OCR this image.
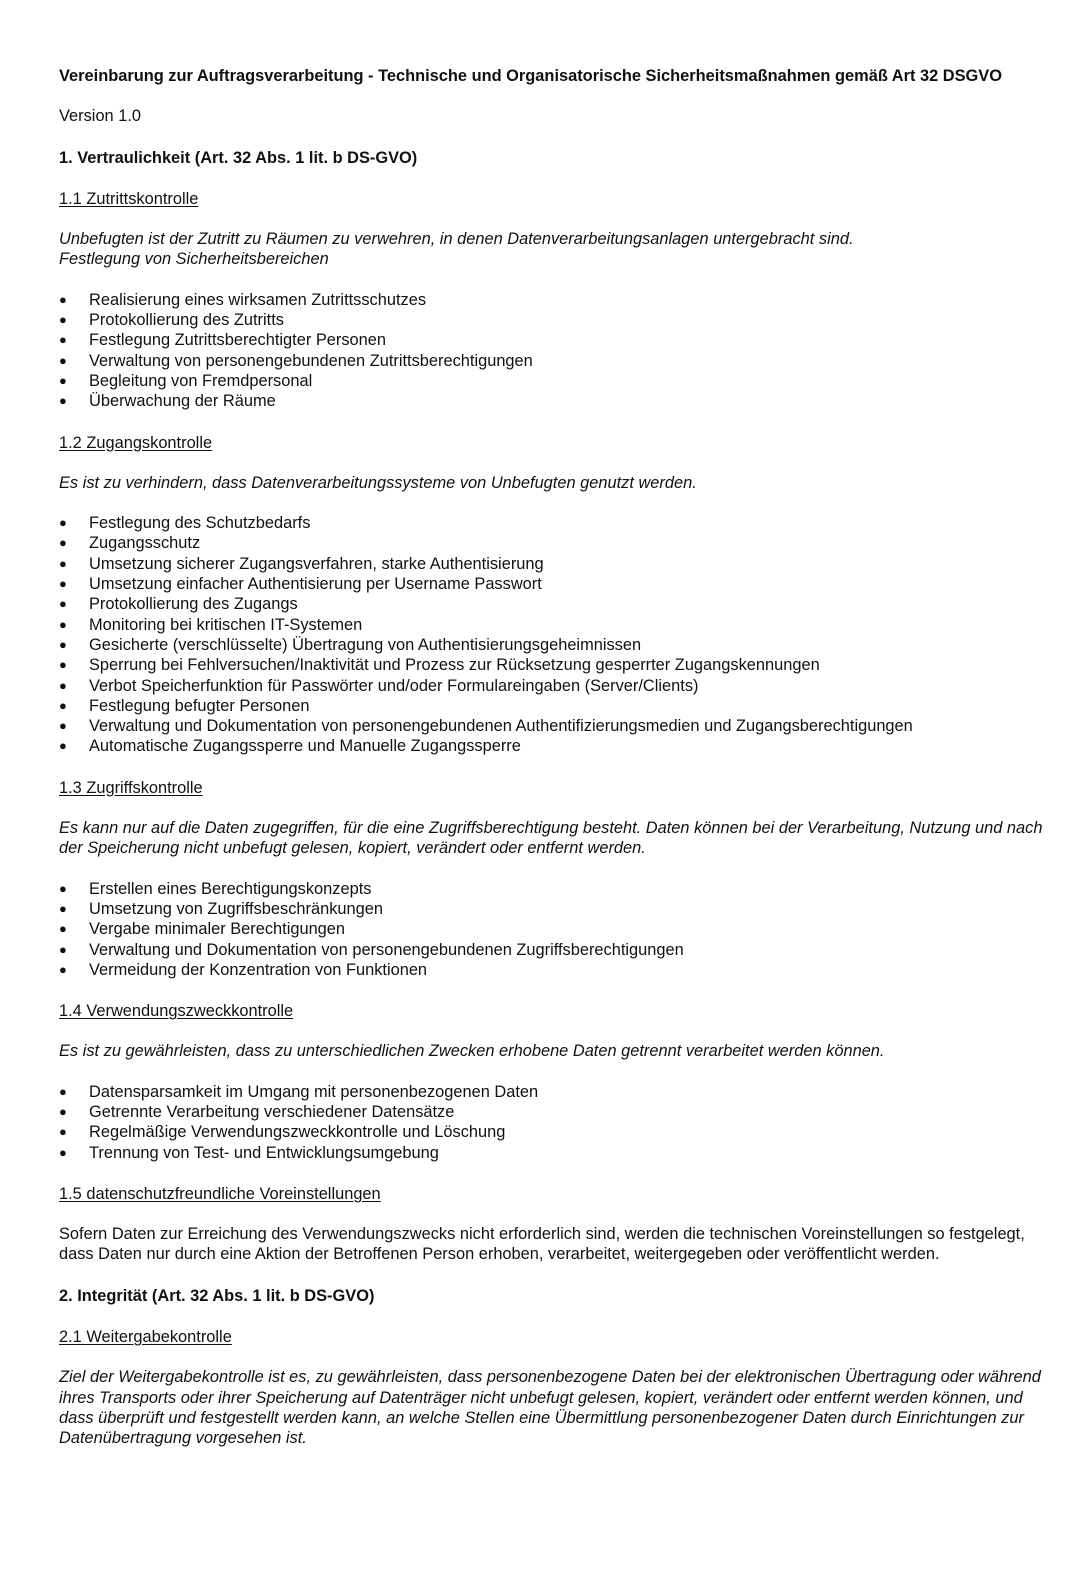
Vereinbarung zur Auftragsverarbeitung - Technische und Organisatorische Sicherheitsmaßnahmen gemäß Art 32 DSGVO

Version 1.0

1. Vertraulichkeit (Art. 32 Abs. 1 lit. b DS-GVO)

1.1 Zutrittskontrolle

Unbefugten ist der Zutritt zu Räumen zu verwehren, in denen Datenverarbeitungsanlagen untergebracht sind.
Festlegung von Sicherheitsbereichen

● Realisierung eines wirksamen Zutrittsschutzes
● Protokollierung des Zutritts
● Festlegung Zutrittsberechtigter Personen
● Verwaltung von personengebundenen Zutrittsberechtigungen
● Begleitung von Fremdpersonal
● Überwachung der Räume

1.2 Zugangskontrolle

Es ist zu verhindern, dass Datenverarbeitungssysteme von Unbefugten genutzt werden.

● Festlegung des Schutzbedarfs
● Zugangsschutz
● Umsetzung sicherer Zugangsverfahren, starke Authentisierung
● Umsetzung einfacher Authentisierung per Username Passwort
● Protokollierung des Zugangs
● Monitoring bei kritischen IT-Systemen
● Gesicherte (verschlüsselte) Übertragung von Authentisierungsgeheimnissen
● Sperrung bei Fehlversuchen/Inaktivität und Prozess zur Rücksetzung gesperrter Zugangskennungen
● Verbot Speicherfunktion für Passwörter und/oder Formulareingaben (Server/Clients)
● Festlegung befugter Personen
● Verwaltung und Dokumentation von personengebundenen Authentifizierungsmedien und Zugangsberechtigungen
● Automatische Zugangssperre und Manuelle Zugangssperre

1.3 Zugriffskontrolle

Es kann nur auf die Daten zugegriffen, für die eine Zugriffsberechtigung besteht. Daten können bei der Verarbeitung, Nutzung und nach der Speicherung nicht unbefugt gelesen, kopiert, verändert oder entfernt werden.

● Erstellen eines Berechtigungskonzepts
● Umsetzung von Zugriffsbeschränkungen
● Vergabe minimaler Berechtigungen
● Verwaltung und Dokumentation von personengebundenen Zugriffsberechtigungen
● Vermeidung der Konzentration von Funktionen

1.4 Verwendungszweckkontrolle

Es ist zu gewährleisten, dass zu unterschiedlichen Zwecken erhobene Daten getrennt verarbeitet werden können.

● Datensparsamkeit im Umgang mit personenbezogenen Daten
● Getrennte Verarbeitung verschiedener Datensätze
● Regelmäßige Verwendungszweckkontrolle und Löschung
● Trennung von Test- und Entwicklungsumgebung

1.5 datenschutzfreundliche Voreinstellungen

Sofern Daten zur Erreichung des Verwendungszwecks nicht erforderlich sind, werden die technischen Voreinstellungen so festgelegt, dass Daten nur durch eine Aktion der Betroffenen Person erhoben, verarbeitet, weitergegeben oder veröffentlicht werden.

2. Integrität (Art. 32 Abs. 1 lit. b DS-GVO)

2.1 Weitergabekontrolle

Ziel der Weitergabekontrolle ist es, zu gewährleisten, dass personenbezogene Daten bei der elektronischen Übertragung oder während ihres Transports oder ihrer Speicherung auf Datenträger nicht unbefugt gelesen, kopiert, verändert oder entfernt werden können, und dass überprüft und festgestellt werden kann, an welche Stellen eine Übermittlung personenbezogener Daten durch Einrichtungen zur Datenübertragung vorgesehen ist.
